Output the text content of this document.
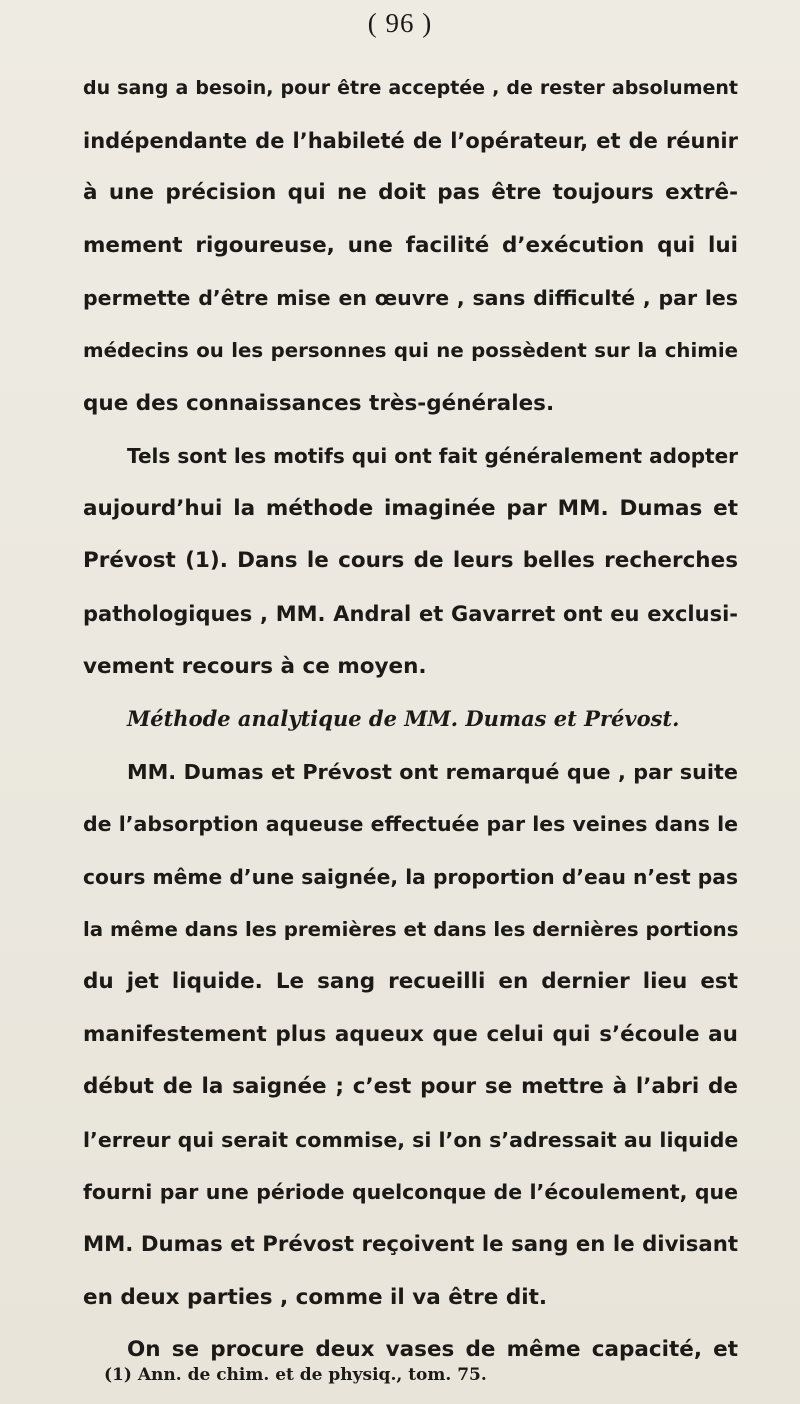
( 96 )
du sang a besoin, pour être acceptée , de rester absolument
indépendante de l’habileté de l’opérateur, et de réunir
à une précision qui ne doit pas être toujours extrê-
mement rigoureuse, une facilité d’exécution qui lui
permette d’être mise en œuvre , sans difficulté , par les
médecins ou les personnes qui ne possèdent sur la chimie
que des connaissances très-générales.
Tels sont les motifs qui ont fait généralement adopter
aujourd’hui la méthode imaginée par MM. Dumas et
Prévost (1). Dans le cours de leurs belles recherches
pathologiques , MM. Andral et Gavarret ont eu exclusi-
vement recours à ce moyen.
Méthode analytique de MM. Dumas et Prévost.
MM. Dumas et Prévost ont remarqué que , par suite
de l’absorption aqueuse effectuée par les veines dans le
cours même d’une saignée, la proportion d’eau n’est pas
la même dans les premières et dans les dernières portions
du jet liquide. Le sang recueilli en dernier lieu est
manifestement plus aqueux que celui qui s’écoule au
début de la saignée ; c’est pour se mettre à l’abri de
l’erreur qui serait commise, si l’on s’adressait au liquide
fourni par une période quelconque de l’écoulement, que
MM. Dumas et Prévost reçoivent le sang en le divisant
en deux parties , comme il va être dit.
On se procure deux vases de même capacité, et
(1) Ann. de chim. et de physiq., tom. 75.
